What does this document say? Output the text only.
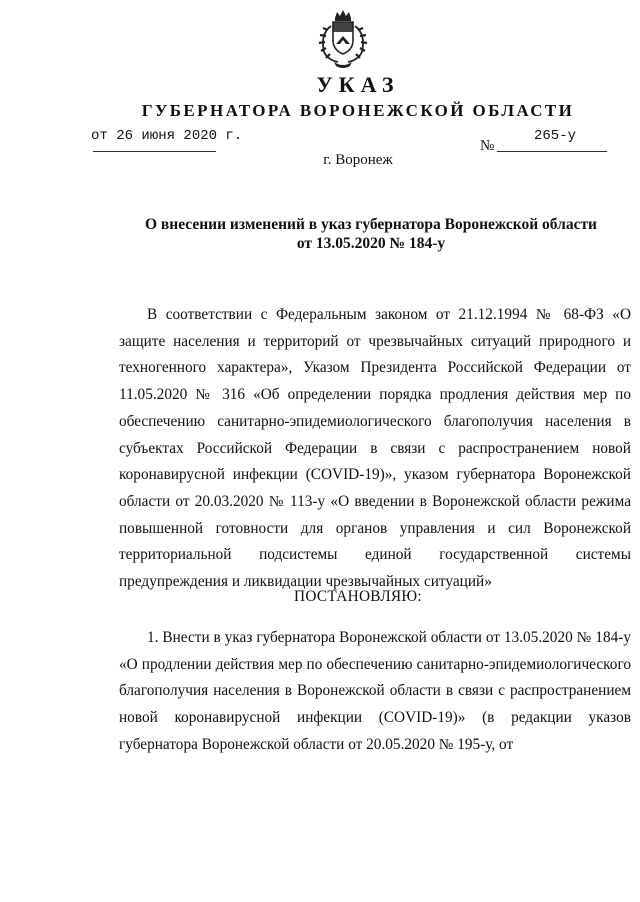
УКАЗ
ГУБЕРНАТОРА ВОРОНЕЖСКОЙ ОБЛАСТИ
от 26 июня 2020 г.
№
265-у
г. Воронеж
О внесении изменений в указ губернатора Воронежской области
от 13.05.2020 № 184-у

В соответствии с Федеральным законом от 21.12.1994 № 68-ФЗ «О защите населения и территорий от чрезвычайных ситуаций природного и техногенного характера», Указом Президента Российской Федерации от 11.05.2020 № 316 «Об определении порядка продления действия мер по обеспечению санитарно-эпидемиологического благополучия населения в субъектах Российской Федерации в связи с распространением новой коронавирусной инфекции (COVID-19)», указом губернатора Воронежской области от 20.03.2020 № 113-у «О введении в Воронежской области режима повышенной готовности для органов управления и сил Воронежской территориальной подсистемы единой государственной системы предупреждения и ликвидации чрезвычайных ситуаций»

ПОСТАНОВЛЯЮ:

1. Внести в указ губернатора Воронежской области от 13.05.2020 № 184-у «О продлении действия мер по обеспечению санитарно-эпидемиологического благополучия населения в Воронежской области в связи с распространением новой коронавирусной инфекции (COVID-19)» (в редакции указов губернатора Воронежской области от 20.05.2020 № 195-у, от
